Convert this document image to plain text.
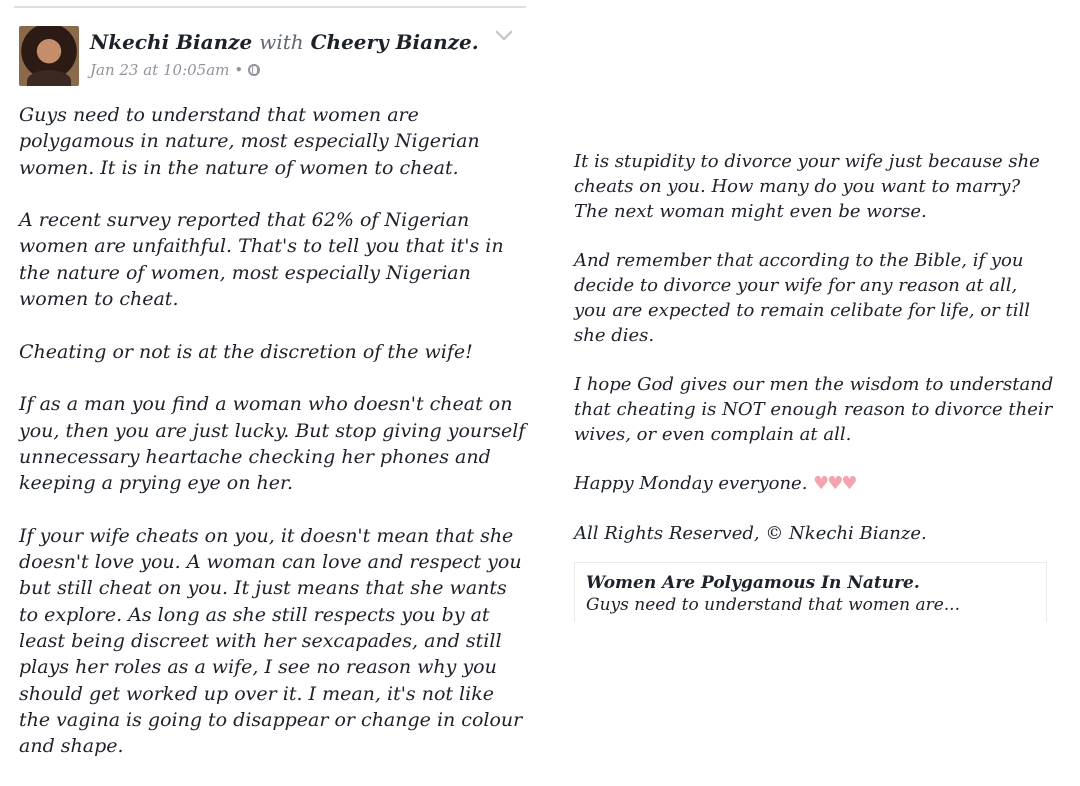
Nkechi Bianze with Cheery Bianze.
Jan 23 at 10:05am •

Guys need to understand that women are polygamous in nature, most especially Nigerian women. It is in the nature of women to cheat.

A recent survey reported that 62% of Nigerian women are unfaithful. That's to tell you that it's in the nature of women, most especially Nigerian women to cheat.

Cheating or not is at the discretion of the wife!

If as a man you find a woman who doesn't cheat on you, then you are just lucky. But stop giving yourself unnecessary heartache checking her phones and keeping a prying eye on her.

If your wife cheats on you, it doesn't mean that she doesn't love you. A woman can love and respect you but still cheat on you. It just means that she wants to explore. As long as she still respects you by at least being discreet with her sexcapades, and still plays her roles as a wife, I see no reason why you should get worked up over it. I mean, it's not like the vagina is going to disappear or change in colour and shape.

It is stupidity to divorce your wife just because she cheats on you. How many do you want to marry? The next woman might even be worse.

And remember that according to the Bible, if you decide to divorce your wife for any reason at all, you are expected to remain celibate for life, or till she dies.

I hope God gives our men the wisdom to understand that cheating is NOT enough reason to divorce their wives, or even complain at all.

Happy Monday everyone. ♥♥♥

All Rights Reserved, © Nkechi Bianze.

Women Are Polygamous In Nature.
Guys need to understand that women are...
